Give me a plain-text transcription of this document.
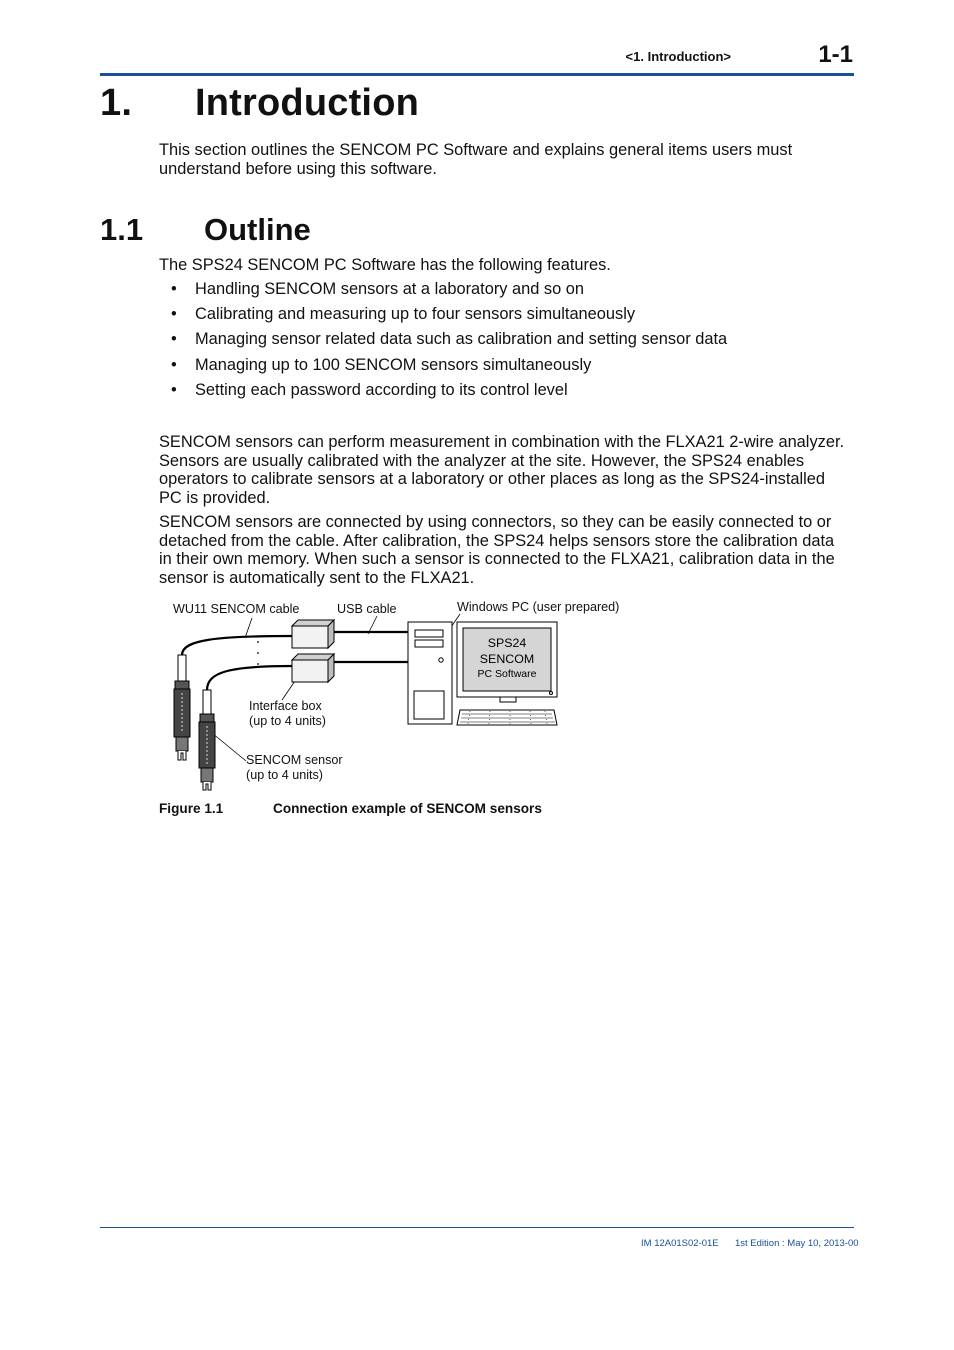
<1. Introduction>	1-1
1. Introduction
This section outlines the SENCOM PC Software and explains general items users must understand before using this software.
1.1 Outline
The SPS24 SENCOM PC Software has the following features.
• Handling SENCOM sensors at a laboratory and so on
• Calibrating and measuring up to four sensors simultaneously
• Managing sensor related data such as calibration and setting sensor data
• Managing up to 100 SENCOM sensors simultaneously
• Setting each password according to its control level
SENCOM sensors can perform measurement in combination with the FLXA21 2-wire analyzer. Sensors are usually calibrated with the analyzer at the site. However, the SPS24 enables operators to calibrate sensors at a laboratory or other places as long as the SPS24-installed PC is provided.
SENCOM sensors are connected by using connectors, so they can be easily connected to or detached from the cable. After calibration, the SPS24 helps sensors store the calibration data in their own memory. When such a sensor is connected to the FLXA21, calibration data in the sensor is automatically sent to the FLXA21.
SPS24
SENCOM
PC Software
WU11 SENCOM cable	USB cable	Windows PC (user prepared)
Interface box
(up to 4 units)
SENCOM sensor
(up to 4 units)
Figure 1.1	Connection example of SENCOM sensors
IM 12A01S02-01E 1st Edition : May 10, 2013-00
